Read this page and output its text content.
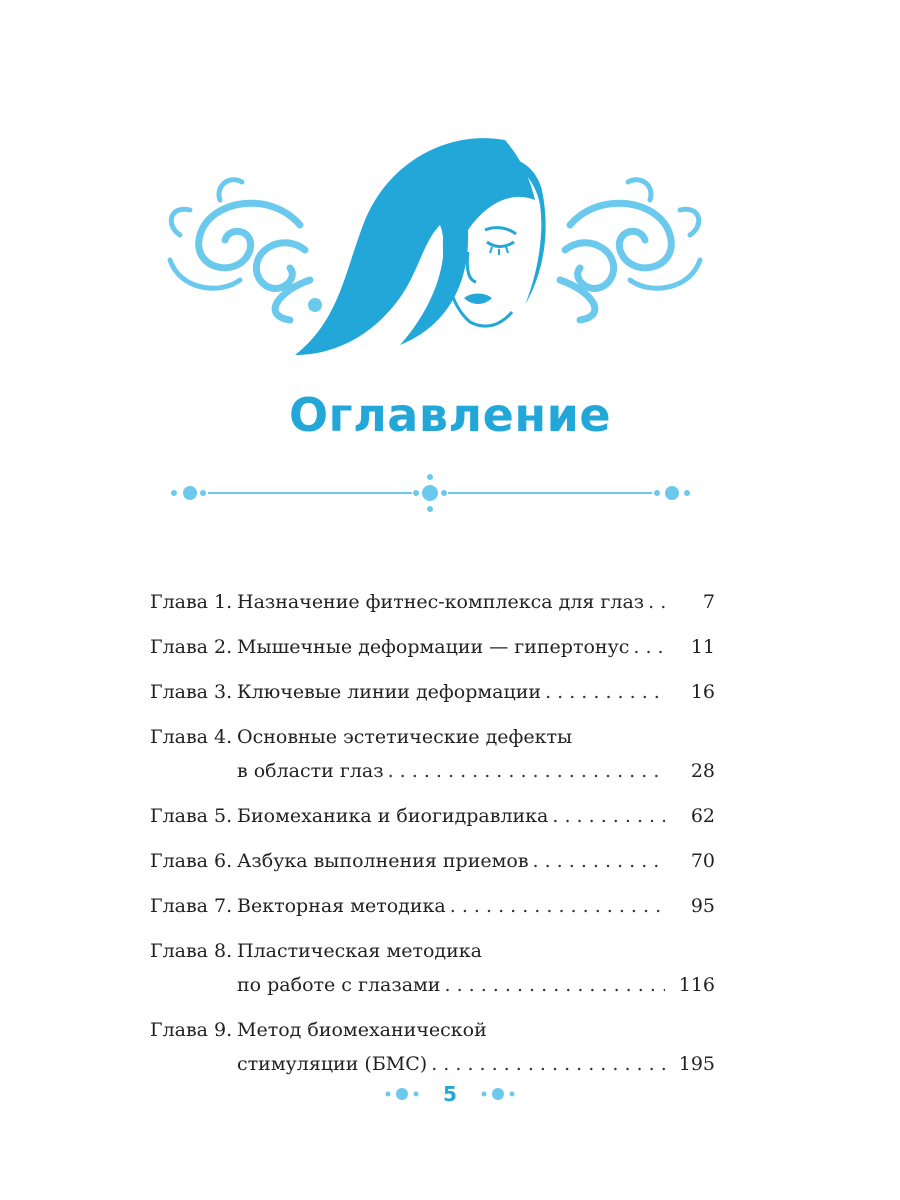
Оглавление
Глава 1. Назначение фитнес-комплекса для глаз . . .	7
Глава 2. Мышечные деформации — гипертонус . . .	11
Глава 3. Ключевые линии деформации . . .	16
Глава 4. Основные эстетические дефекты
в области глаз . . .	28
Глава 5. Биомеханика и биогидравлика . . .	62
Глава 6. Азбука выполнения приемов . . .	70
Глава 7. Векторная методика . . .	95
Глава 8. Пластическая методика
по работе с глазами . . .	116
Глава 9. Метод биомеханической
стимуляции (БМС) . . .	195
5
